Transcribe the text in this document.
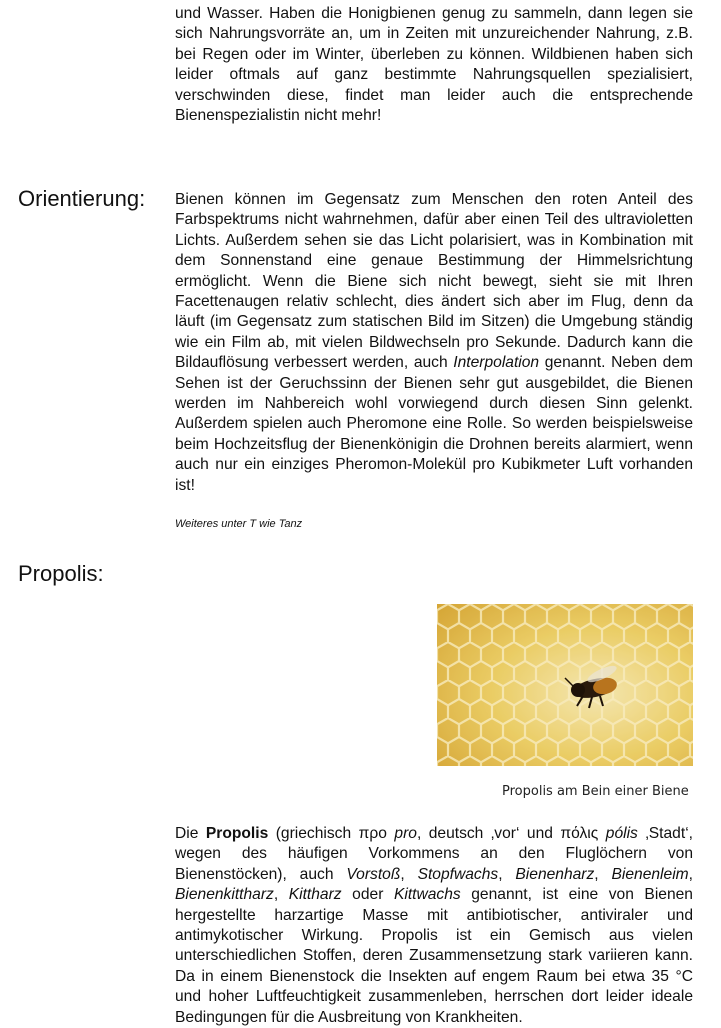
und Wasser. Haben die Honigbienen genug zu sammeln, dann legen sie sich Nahrungsvorräte an, um in Zeiten mit unzureichender Nahrung, z.B. bei Regen oder im Winter, überleben zu können. Wildbienen haben sich leider oftmals auf ganz bestimmte Nahrungsquellen spezialisiert, verschwinden diese, findet man leider auch die entsprechende Bienenspezialistin nicht mehr!

Orientierung: Bienen können im Gegensatz zum Menschen den roten Anteil des Farbspektrums nicht wahrnehmen, dafür aber einen Teil des ultravioletten Lichts. Außerdem sehen sie das Licht polarisiert, was in Kombination mit dem Sonnenstand eine genaue Bestimmung der Himmelsrichtung ermöglicht. Wenn die Biene sich nicht bewegt, sieht sie mit Ihren Facettenaugen relativ schlecht, dies ändert sich aber im Flug, denn da läuft (im Gegensatz zum statischen Bild im Sitzen) die Umgebung ständig wie ein Film ab, mit vielen Bildwechseln pro Sekunde. Dadurch kann die Bildauflösung verbessert werden, auch Interpolation genannt. Neben dem Sehen ist der Geruchssinn der Bienen sehr gut ausgebildet, die Bienen werden im Nahbereich wohl vorwiegend durch diesen Sinn gelenkt. Außerdem spielen auch Pheromone eine Rolle. So werden beispielsweise beim Hochzeitsflug der Bienenkönigin die Drohnen bereits alarmiert, wenn auch nur ein einziges Pheromon-Molekül pro Kubikmeter Luft vorhanden ist!

Weiteres unter T wie Tanz

Propolis:

Propolis am Bein einer Biene

Die Propolis (griechisch πρo pro, deutsch ‚vor‘ und πόλις pólis ‚Stadt‘, wegen des häufigen Vorkommens an den Fluglöchern von Bienenstöcken), auch Vorstoß, Stopfwachs, Bienenharz, Bienenleim, Bienenkittharz, Kittharz oder Kittwachs genannt, ist eine von Bienen hergestellte harzartige Masse mit antibiotischer, antiviraler und antimykotischer Wirkung. Propolis ist ein Gemisch aus vielen unterschiedlichen Stoffen, deren Zusammensetzung stark variieren kann. Da in einem Bienenstock die Insekten auf engem Raum bei etwa 35 °C und hoher Luftfeuchtigkeit zusammenleben, herrschen dort leider ideale Bedingungen für die Ausbreitung von Krankheiten.
